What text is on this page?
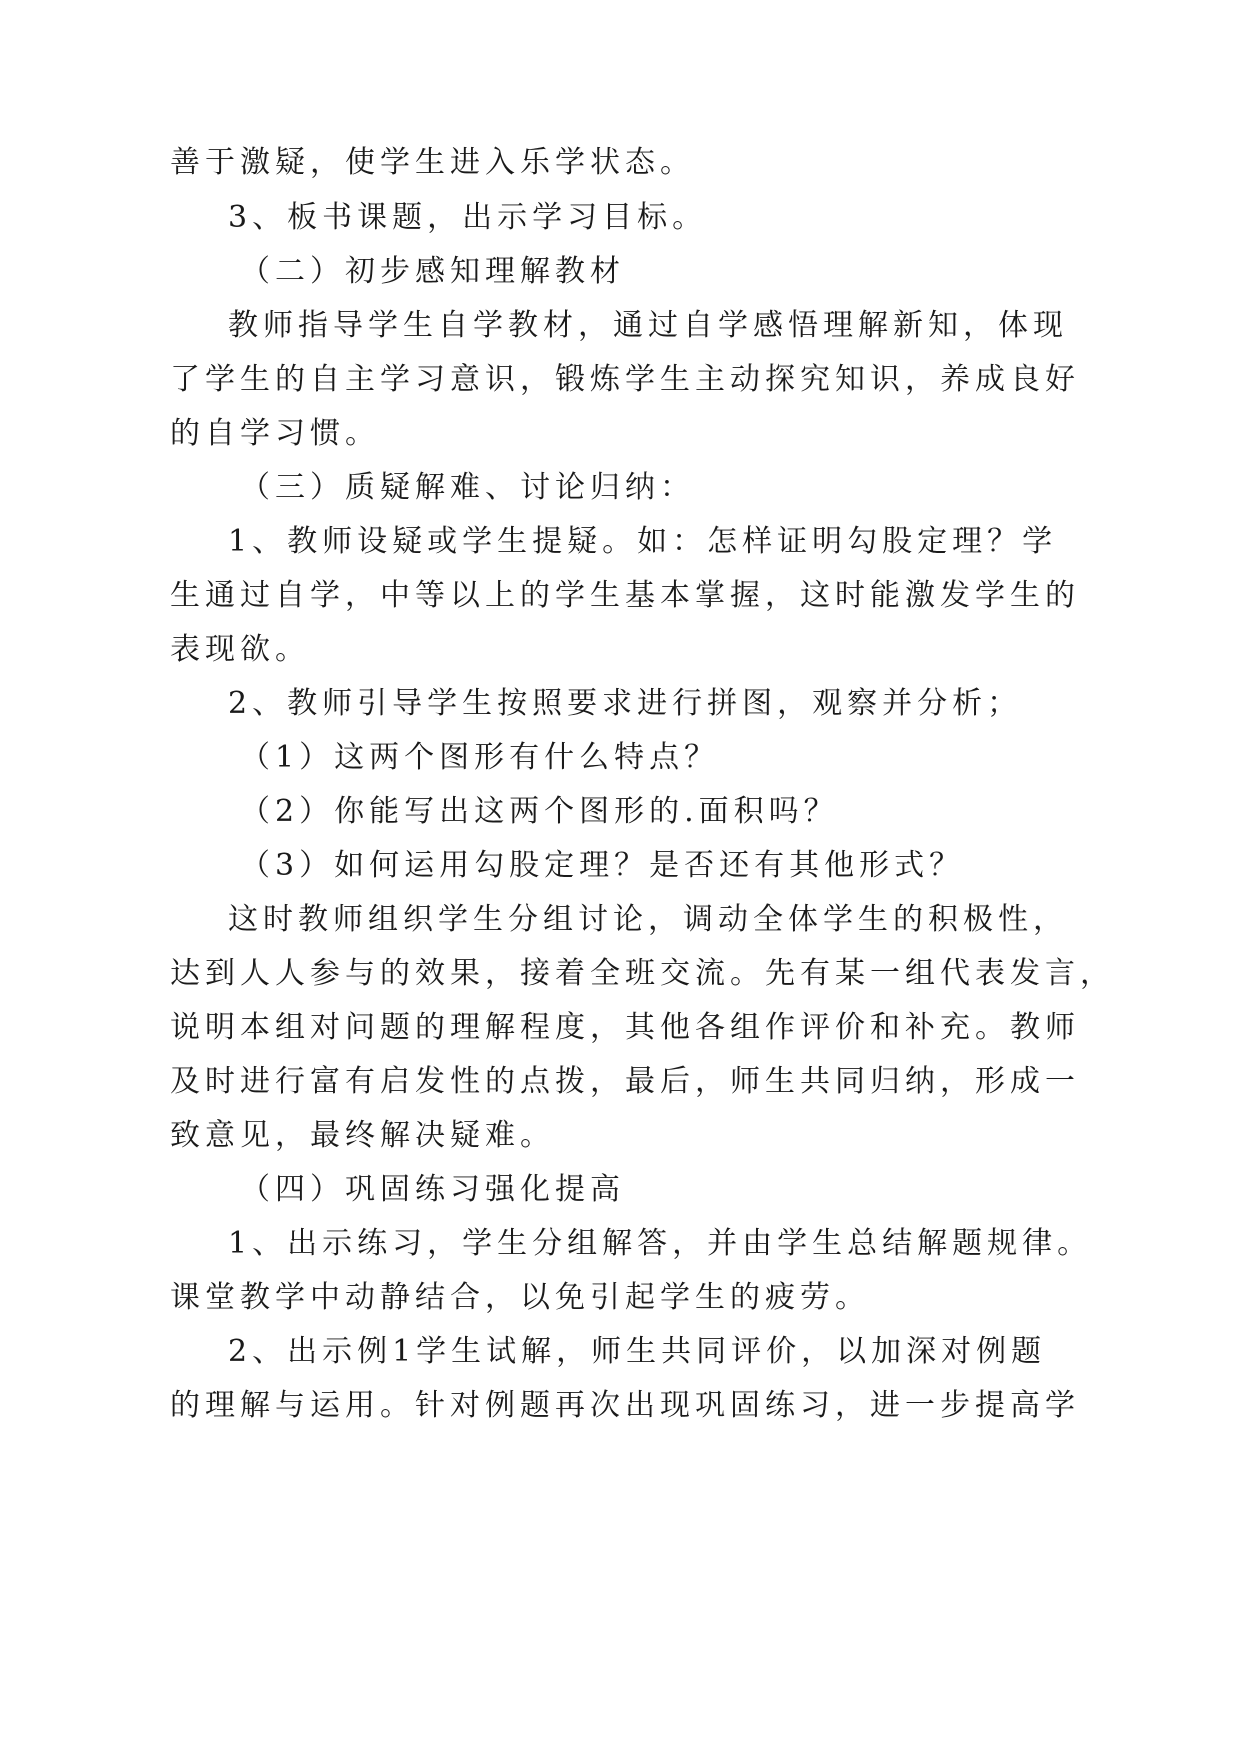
善于激疑，使学生进入乐学状态。
3、板书课题，出示学习目标。
（二）初步感知理解教材
教师指导学生自学教材，通过自学感悟理解新知，体现
了学生的自主学习意识，锻炼学生主动探究知识，养成良好
的自学习惯。
（三）质疑解难、讨论归纳：
1、教师设疑或学生提疑。如：怎样证明勾股定理？学
生通过自学，中等以上的学生基本掌握，这时能激发学生的
表现欲。
2、教师引导学生按照要求进行拼图，观察并分析；
（1）这两个图形有什么特点？
（2）你能写出这两个图形的.面积吗？
（3）如何运用勾股定理？是否还有其他形式？
这时教师组织学生分组讨论，调动全体学生的积极性，
达到人人参与的效果，接着全班交流。先有某一组代表发言，
说明本组对问题的理解程度，其他各组作评价和补充。教师
及时进行富有启发性的点拨，最后，师生共同归纳，形成一
致意见，最终解决疑难。
（四）巩固练习强化提高
1、出示练习，学生分组解答，并由学生总结解题规律。
课堂教学中动静结合，以免引起学生的疲劳。
2、出示例1学生试解，师生共同评价，以加深对例题
的理解与运用。针对例题再次出现巩固练习，进一步提高学
